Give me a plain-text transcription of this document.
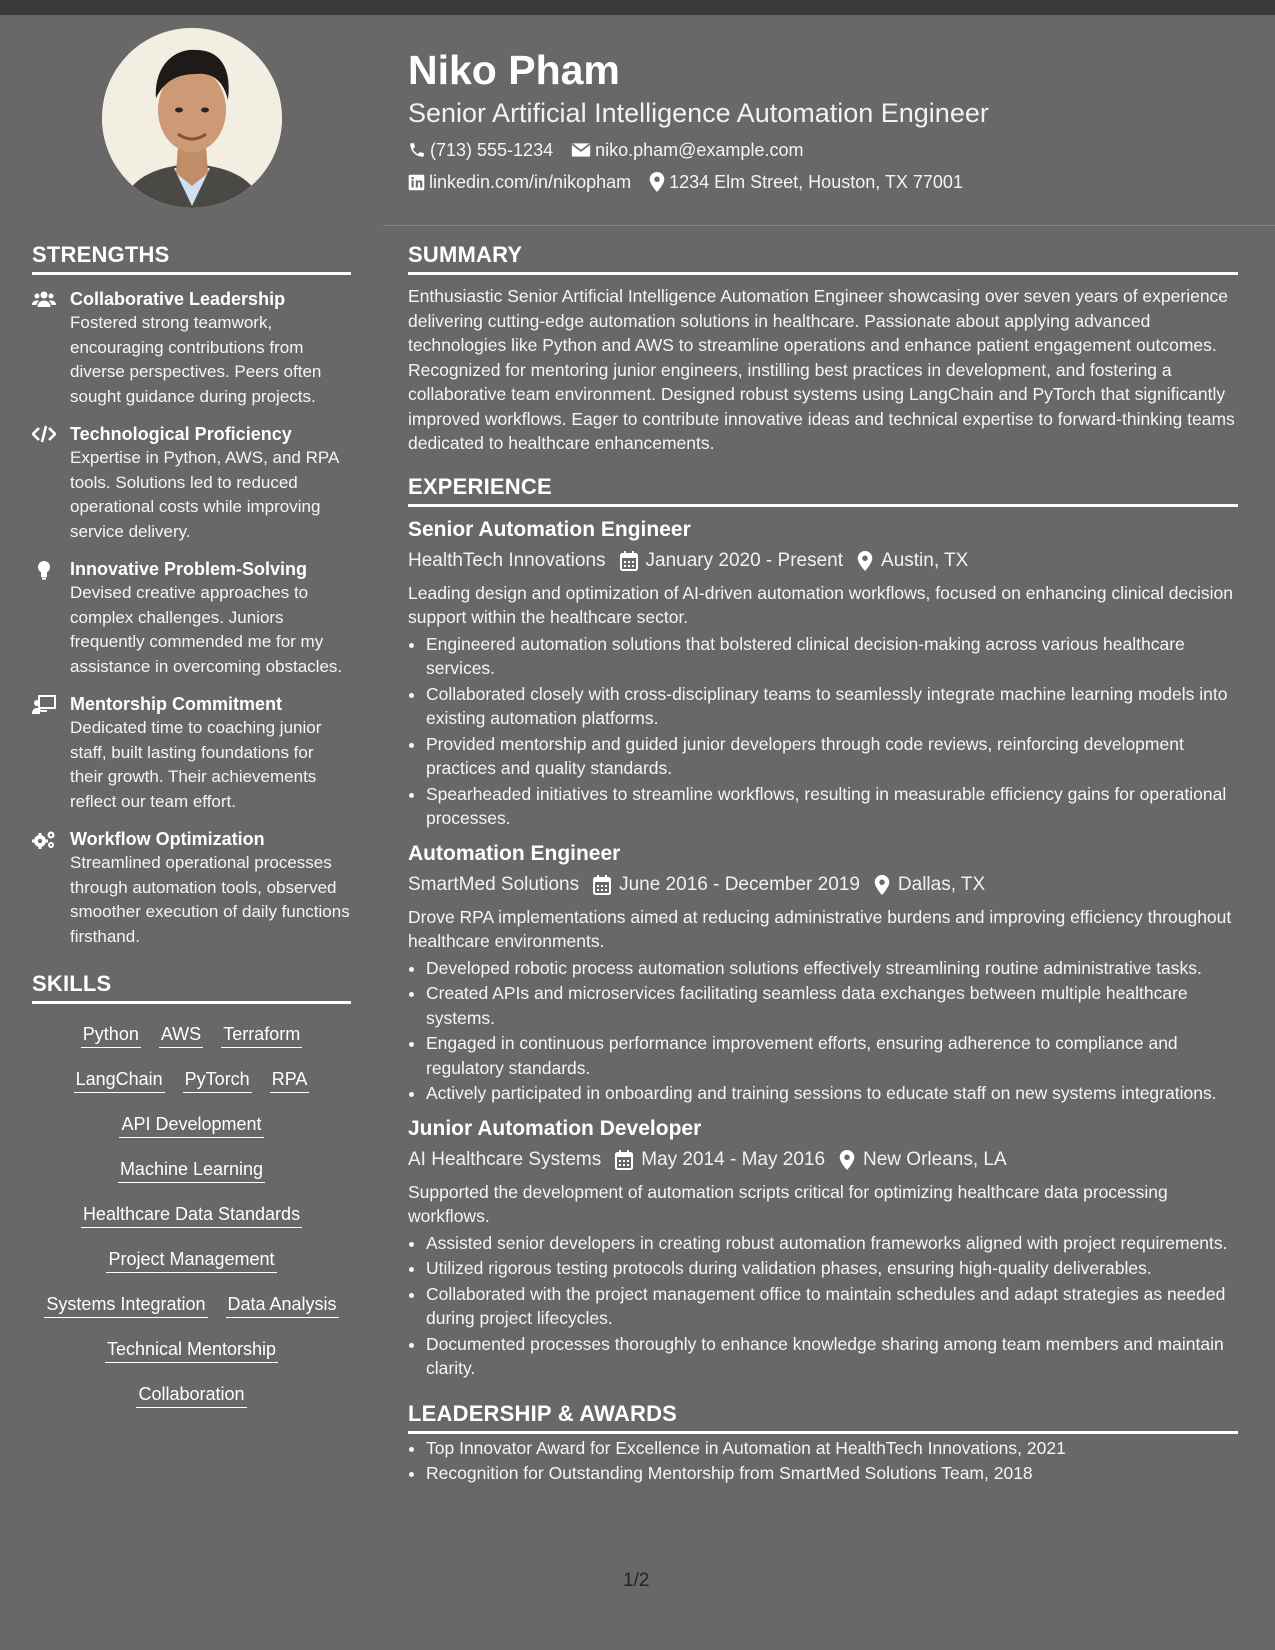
Niko Pham
Senior Artificial Intelligence Automation Engineer
(713) 555-1234 niko.pham@example.com
linkedin.com/in/nikopham 1234 Elm Street, Houston, TX 77001
STRENGTHS
Collaborative Leadership
Fostered strong teamwork, encouraging contributions from diverse perspectives. Peers often sought guidance during projects.
Technological Proficiency
Expertise in Python, AWS, and RPA tools. Solutions led to reduced operational costs while improving service delivery.
Innovative Problem-Solving
Devised creative approaches to complex challenges. Juniors frequently commended me for my assistance in overcoming obstacles.
Mentorship Commitment
Dedicated time to coaching junior staff, built lasting foundations for their growth. Their achievements reflect our team effort.
Workflow Optimization
Streamlined operational processes through automation tools, observed smoother execution of daily functions firsthand.
SKILLS
Python AWS Terraform
LangChain PyTorch RPA
API Development
Machine Learning
Healthcare Data Standards
Project Management
Systems Integration Data Analysis
Technical Mentorship
Collaboration
SUMMARY

Enthusiastic Senior Artificial Intelligence Automation Engineer showcasing over seven years of experience delivering cutting-edge automation solutions in healthcare. Passionate about applying advanced technologies like Python and AWS to streamline operations and enhance patient engagement outcomes. Recognized for mentoring junior engineers, instilling best practices in development, and fostering a collaborative team environment. Designed robust systems using LangChain and PyTorch that significantly improved workflows. Eager to contribute innovative ideas and technical expertise to forward-thinking teams dedicated to healthcare enhancements.

EXPERIENCE
Senior Automation Engineer
HealthTech Innovations January 2020 - Present Austin, TX
Leading design and optimization of AI-driven automation workflows, focused on enhancing clinical decision support within the healthcare sector.
• Engineered automation solutions that bolstered clinical decision-making across various healthcare services.
• Collaborated closely with cross-disciplinary teams to seamlessly integrate machine learning models into existing automation platforms.
• Provided mentorship and guided junior developers through code reviews, reinforcing development practices and quality standards.
• Spearheaded initiatives to streamline workflows, resulting in measurable efficiency gains for operational processes.
Automation Engineer
SmartMed Solutions June 2016 - December 2019 Dallas, TX
Drove RPA implementations aimed at reducing administrative burdens and improving efficiency throughout healthcare environments.
• Developed robotic process automation solutions effectively streamlining routine administrative tasks.
• Created APIs and microservices facilitating seamless data exchanges between multiple healthcare systems.
• Engaged in continuous performance improvement efforts, ensuring adherence to compliance and regulatory standards.
• Actively participated in onboarding and training sessions to educate staff on new systems integrations.
Junior Automation Developer
AI Healthcare Systems May 2014 - May 2016 New Orleans, LA
Supported the development of automation scripts critical for optimizing healthcare data processing workflows.
• Assisted senior developers in creating robust automation frameworks aligned with project requirements.
• Utilized rigorous testing protocols during validation phases, ensuring high-quality deliverables.
• Collaborated with the project management office to maintain schedules and adapt strategies as needed during project lifecycles.
• Documented processes thoroughly to enhance knowledge sharing among team members and maintain clarity.
LEADERSHIP & AWARDS
• Top Innovator Award for Excellence in Automation at HealthTech Innovations, 2021
• Recognition for Outstanding Mentorship from SmartMed Solutions Team, 2018
1/2
